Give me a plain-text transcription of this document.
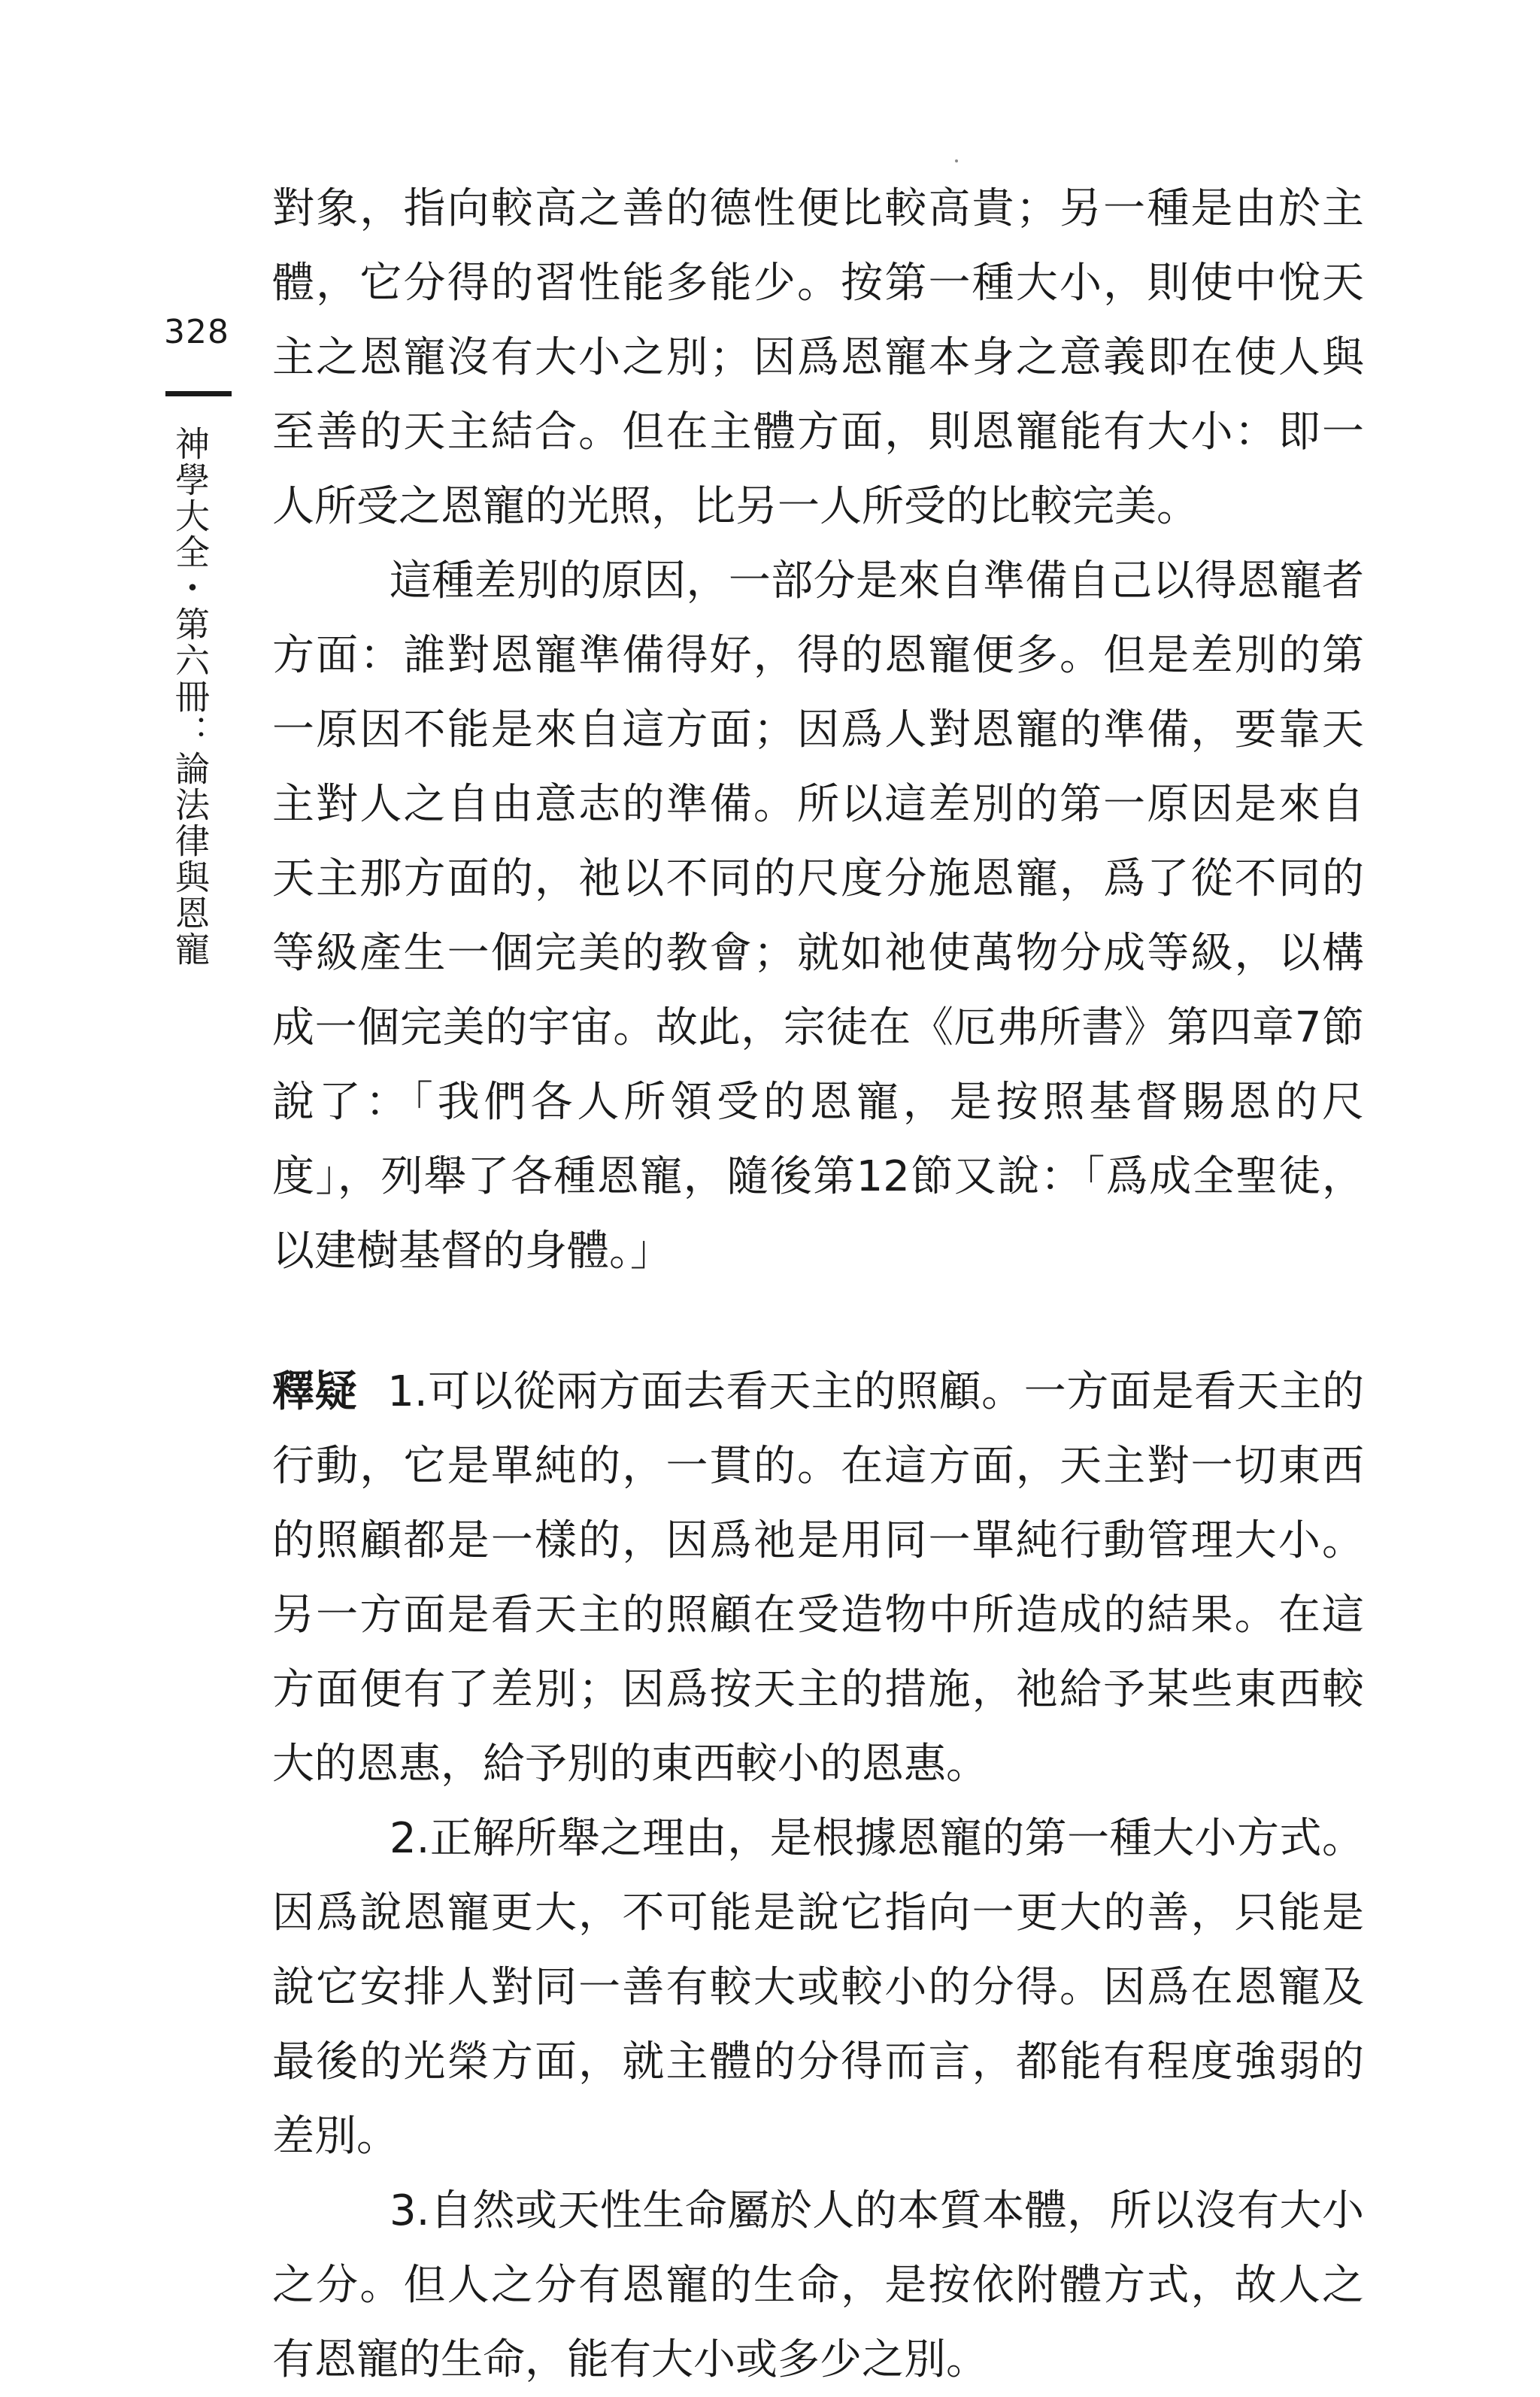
328
神學大全・第六冊：論法律與恩寵

對象，指向較高之善的德性便比較高貴；另一種是由於主體，它分得的習性能多能少。按第一種大小，則使中悅天主之恩寵沒有大小之別；因爲恩寵本身之意義即在使人與至善的天主結合。但在主體方面，則恩寵能有大小：即一人所受之恩寵的光照，比另一人所受的比較完美。

這種差別的原因，一部分是來自準備自己以得恩寵者方面：誰對恩寵準備得好，得的恩寵便多。但是差別的第一原因不能是來自這方面；因爲人對恩寵的準備，要靠天主對人之自由意志的準備。所以這差別的第一原因是來自天主那方面的，祂以不同的尺度分施恩寵，爲了從不同的等級產生一個完美的教會；就如祂使萬物分成等級，以構成一個完美的宇宙。故此，宗徒在《厄弗所書》第四章7節說了：「我們各人所領受的恩寵，是按照基督賜恩的尺度」，列舉了各種恩寵，隨後第12節又說：「爲成全聖徒，以建樹基督的身體。」

釋疑 1.可以從兩方面去看天主的照顧。一方面是看天主的行動，它是單純的，一貫的。在這方面，天主對一切東西的照顧都是一樣的，因爲祂是用同一單純行動管理大小。另一方面是看天主的照顧在受造物中所造成的結果。在這方面便有了差別；因爲按天主的措施，祂給予某些東西較大的恩惠，給予別的東西較小的恩惠。

2.正解所舉之理由，是根據恩寵的第一種大小方式。因爲說恩寵更大，不可能是說它指向一更大的善，只能是說它安排人對同一善有較大或較小的分得。因爲在恩寵及最後的光榮方面，就主體的分得而言，都能有程度強弱的差別。

3.自然或天性生命屬於人的本質本體，所以沒有大小之分。但人之分有恩寵的生命，是按依附體方式，故人之有恩寵的生命，能有大小或多少之別。
